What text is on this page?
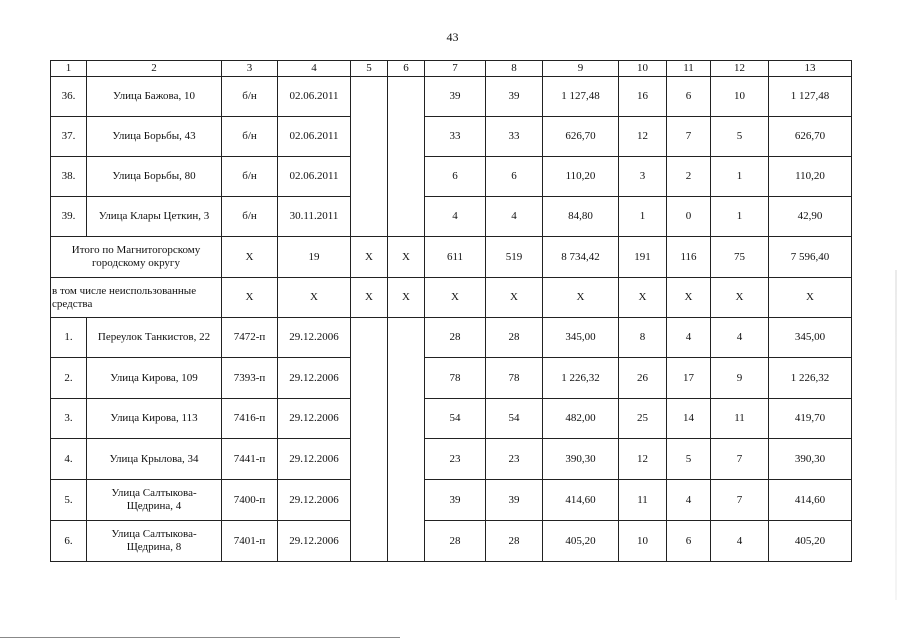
43
1	2	3	4	5	6	7	8	9	10	11	12	13
36.	Улица Бажова, 10	б/н	02.06.2011			39	39	1 127,48	16	6	10	1 127,48
37.	Улица Борьбы, 43	б/н	02.06.2011			33	33	626,70	12	7	5	626,70
38.	Улица Борьбы, 80	б/н	02.06.2011			6	6	110,20	3	2	1	110,20
39.	Улица Клары Цеткин, 3	б/н	30.11.2011			4	4	84,80	1	0	1	42,90
Итого по Магнитогорскому городскому округу		X	19	X	X	611	519	8 734,42	191	116	75	7 596,40
в том числе неиспользованные средства		X	X	X	X	X	X	X	X	X	X	X
1.	Переулок Танкистов, 22	7472-п	29.12.2006			28	28	345,00	8	4	4	345,00
2.	Улица Кирова, 109	7393-п	29.12.2006			78	78	1 226,32	26	17	9	1 226,32
3.	Улица Кирова, 113	7416-п	29.12.2006			54	54	482,00	25	14	11	419,70
4.	Улица Крылова, 34	7441-п	29.12.2006			23	23	390,30	12	5	7	390,30
5.	Улица Салтыкова-Щедрина, 4	7400-п	29.12.2006			39	39	414,60	11	4	7	414,60
6.	Улица Салтыкова-Щедрина, 8	7401-п	29.12.2006			28	28	405,20	10	6	4	405,20
